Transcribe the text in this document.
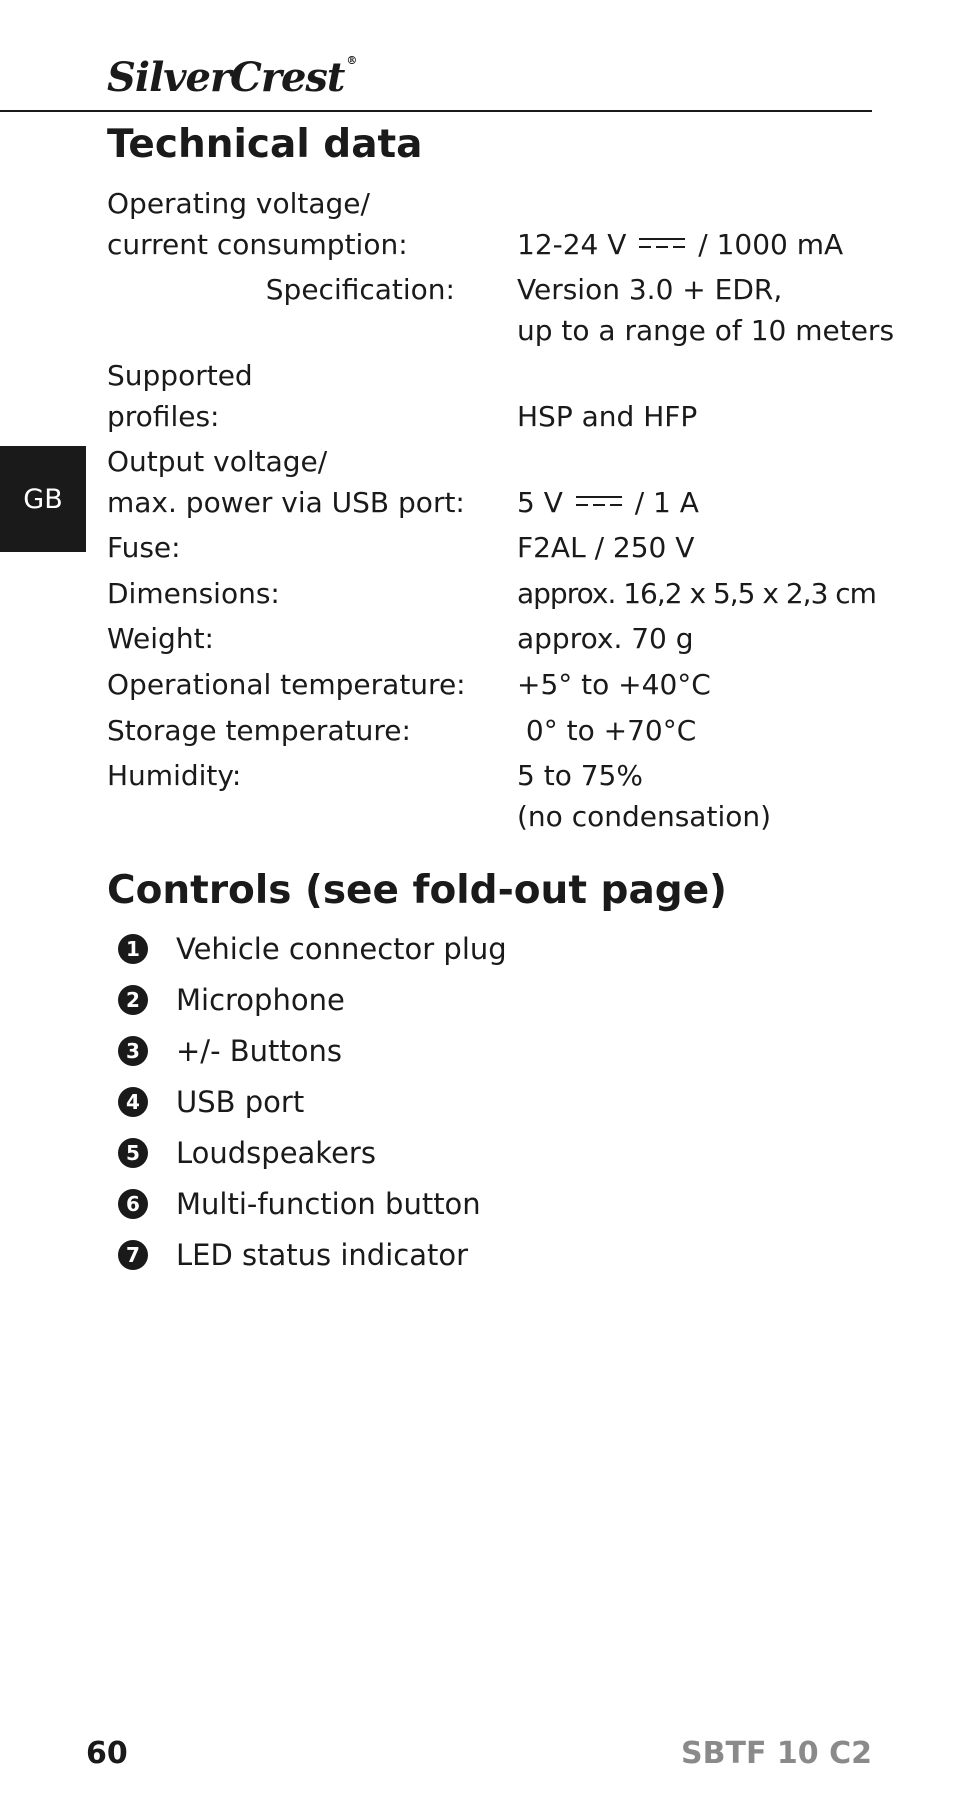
SilverCrest ®
GB
Technical data
Operating voltage/
current consumption:	12-24 V	/ 1000 mA
Specification: Version 3.0 + EDR,
up to a range of 10 meters
Supported
profiles:	HSP and HFP
Output voltage/
max. power via USB port: 5 V	/ 1 A
Fuse:	F2AL / 250 V
Dimensions:	approx. 16,2 x 5,5 x 2,3 cm
Weight:	approx. 70 g
Operational temperature: +5° to +40°C
Storage temperature:	0° to +70°C
Humidity:	5 to 75%
(no condensation)
Controls (see fold-out page)
1 Vehicle connector plug
2 Microphone
3 +/- Buttons
4 USB port
5 Loudspeakers
6 Multi-function button
7 LED status indicator
60	SBTF 10 C2
